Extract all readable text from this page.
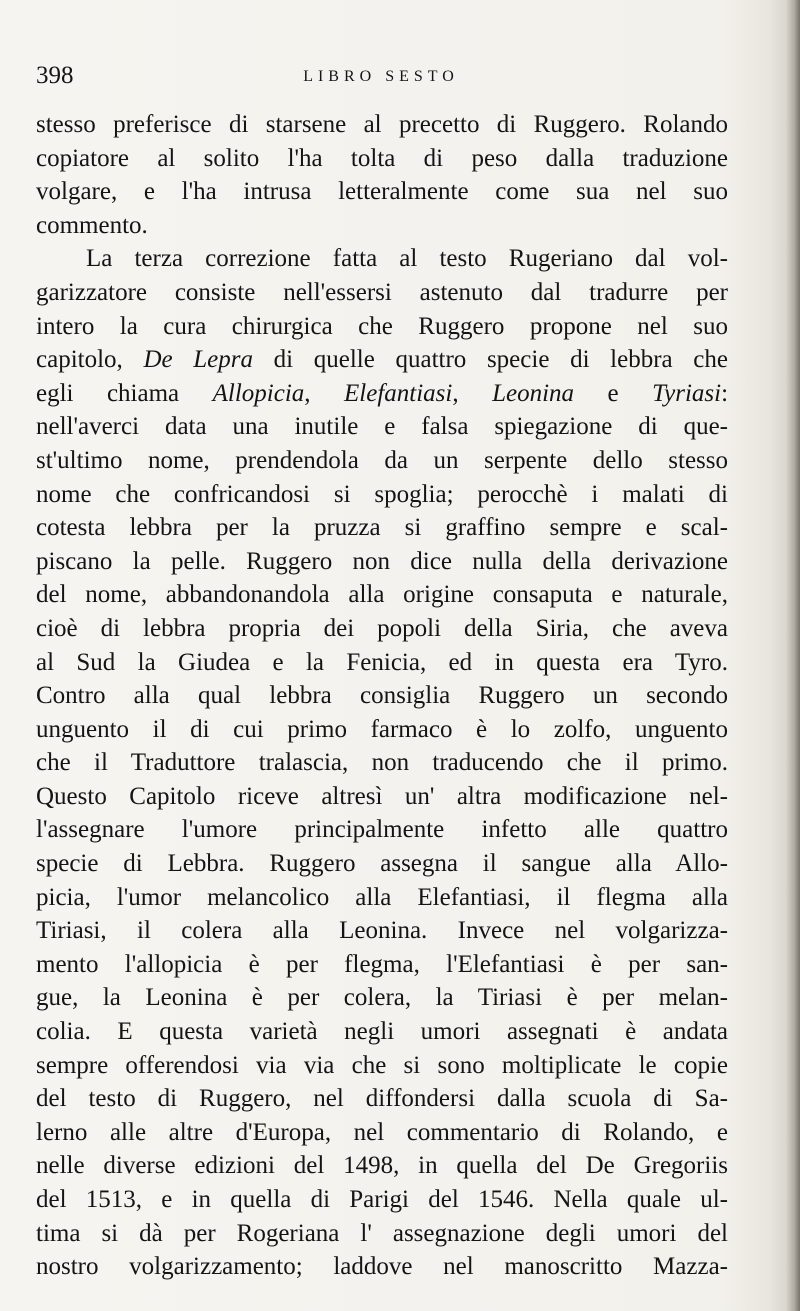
398	LIBRO SESTO
stesso preferisce di starsene al precetto di Ruggero. Rolando
copiatore al solito l'ha tolta di peso dalla traduzione
volgare, e l'ha intrusa letteralmente come sua nel suo
commento.
La terza correzione fatta al testo Rugeriano dal vol-
garizzatore consiste nell'essersi astenuto dal tradurre per
intero la cura chirurgica che Ruggero propone nel suo
capitolo, De Lepra di quelle quattro specie di lebbra che
egli chiama Allopicia, Elefantiasi, Leonina e Tyriasi:
nell'averci data una inutile e falsa spiegazione di que-
st'ultimo nome, prendendola da un serpente dello stesso
nome che confricandosi si spoglia; perocchè i malati di
cotesta lebbra per la pruzza si graffino sempre e scal-
piscano la pelle. Ruggero non dice nulla della derivazione
del nome, abbandonandola alla origine consaputa e naturale,
cioè di lebbra propria dei popoli della Siria, che aveva
al Sud la Giudea e la Fenicia, ed in questa era Tyro.
Contro alla qual lebbra consiglia Ruggero un secondo
unguento il di cui primo farmaco è lo zolfo, unguento
che il Traduttore tralascia, non traducendo che il primo.
Questo Capitolo riceve altresì un' altra modificazione nel-
l'assegnare l'umore principalmente infetto alle quattro
specie di Lebbra. Ruggero assegna il sangue alla Allo-
picia, l'umor melancolico alla Elefantiasi, il flegma alla
Tiriasi, il colera alla Leonina. Invece nel volgarizza-
mento l'allopicia è per flegma, l'Elefantiasi è per san-
gue, la Leonina è per colera, la Tiriasi è per melan-
colia. E questa varietà negli umori assegnati è andata
sempre offerendosi via via che si sono moltiplicate le copie
del testo di Ruggero, nel diffondersi dalla scuola di Sa-
lerno alle altre d'Europa, nel commentario di Rolando, e
nelle diverse edizioni del 1498, in quella del De Gregoriis
del 1513, e in quella di Parigi del 1546. Nella quale ul-
tima si dà per Rogeriana l' assegnazione degli umori del
nostro volgarizzamento; laddove nel manoscritto Mazza-
